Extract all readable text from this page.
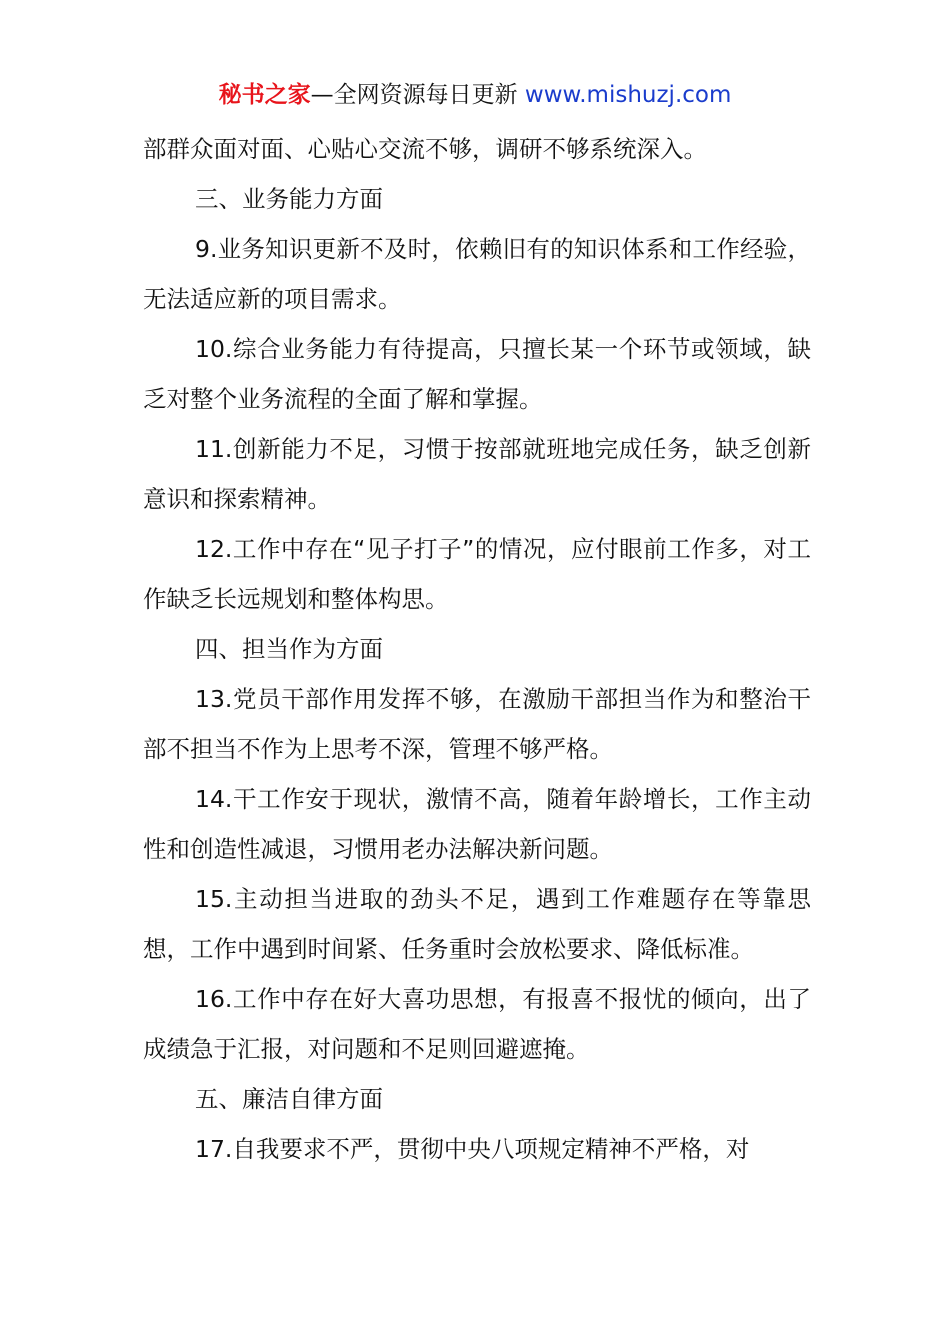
秘书之家—全网资源每日更新 www.mishuzj.com

部群众面对面、心贴心交流不够，调研不够系统深入。

三、业务能力方面

9.业务知识更新不及时，依赖旧有的知识体系和工作经验，无法适应新的项目需求。

10.综合业务能力有待提高，只擅长某一个环节或领域，缺乏对整个业务流程的全面了解和掌握。

11.创新能力不足，习惯于按部就班地完成任务，缺乏创新意识和探索精神。

12.工作中存在“见子打子”的情况，应付眼前工作多，对工作缺乏长远规划和整体构思。

四、担当作为方面

13.党员干部作用发挥不够，在激励干部担当作为和整治干部不担当不作为上思考不深，管理不够严格。

14.干工作安于现状，激情不高，随着年龄增长，工作主动性和创造性减退，习惯用老办法解决新问题。

15.主动担当进取的劲头不足，遇到工作难题存在等靠思想，工作中遇到时间紧、任务重时会放松要求、降低标准。

16.工作中存在好大喜功思想，有报喜不报忧的倾向，出了成绩急于汇报，对问题和不足则回避遮掩。

五、廉洁自律方面

17.自我要求不严，贯彻中央八项规定精神不严格，对
